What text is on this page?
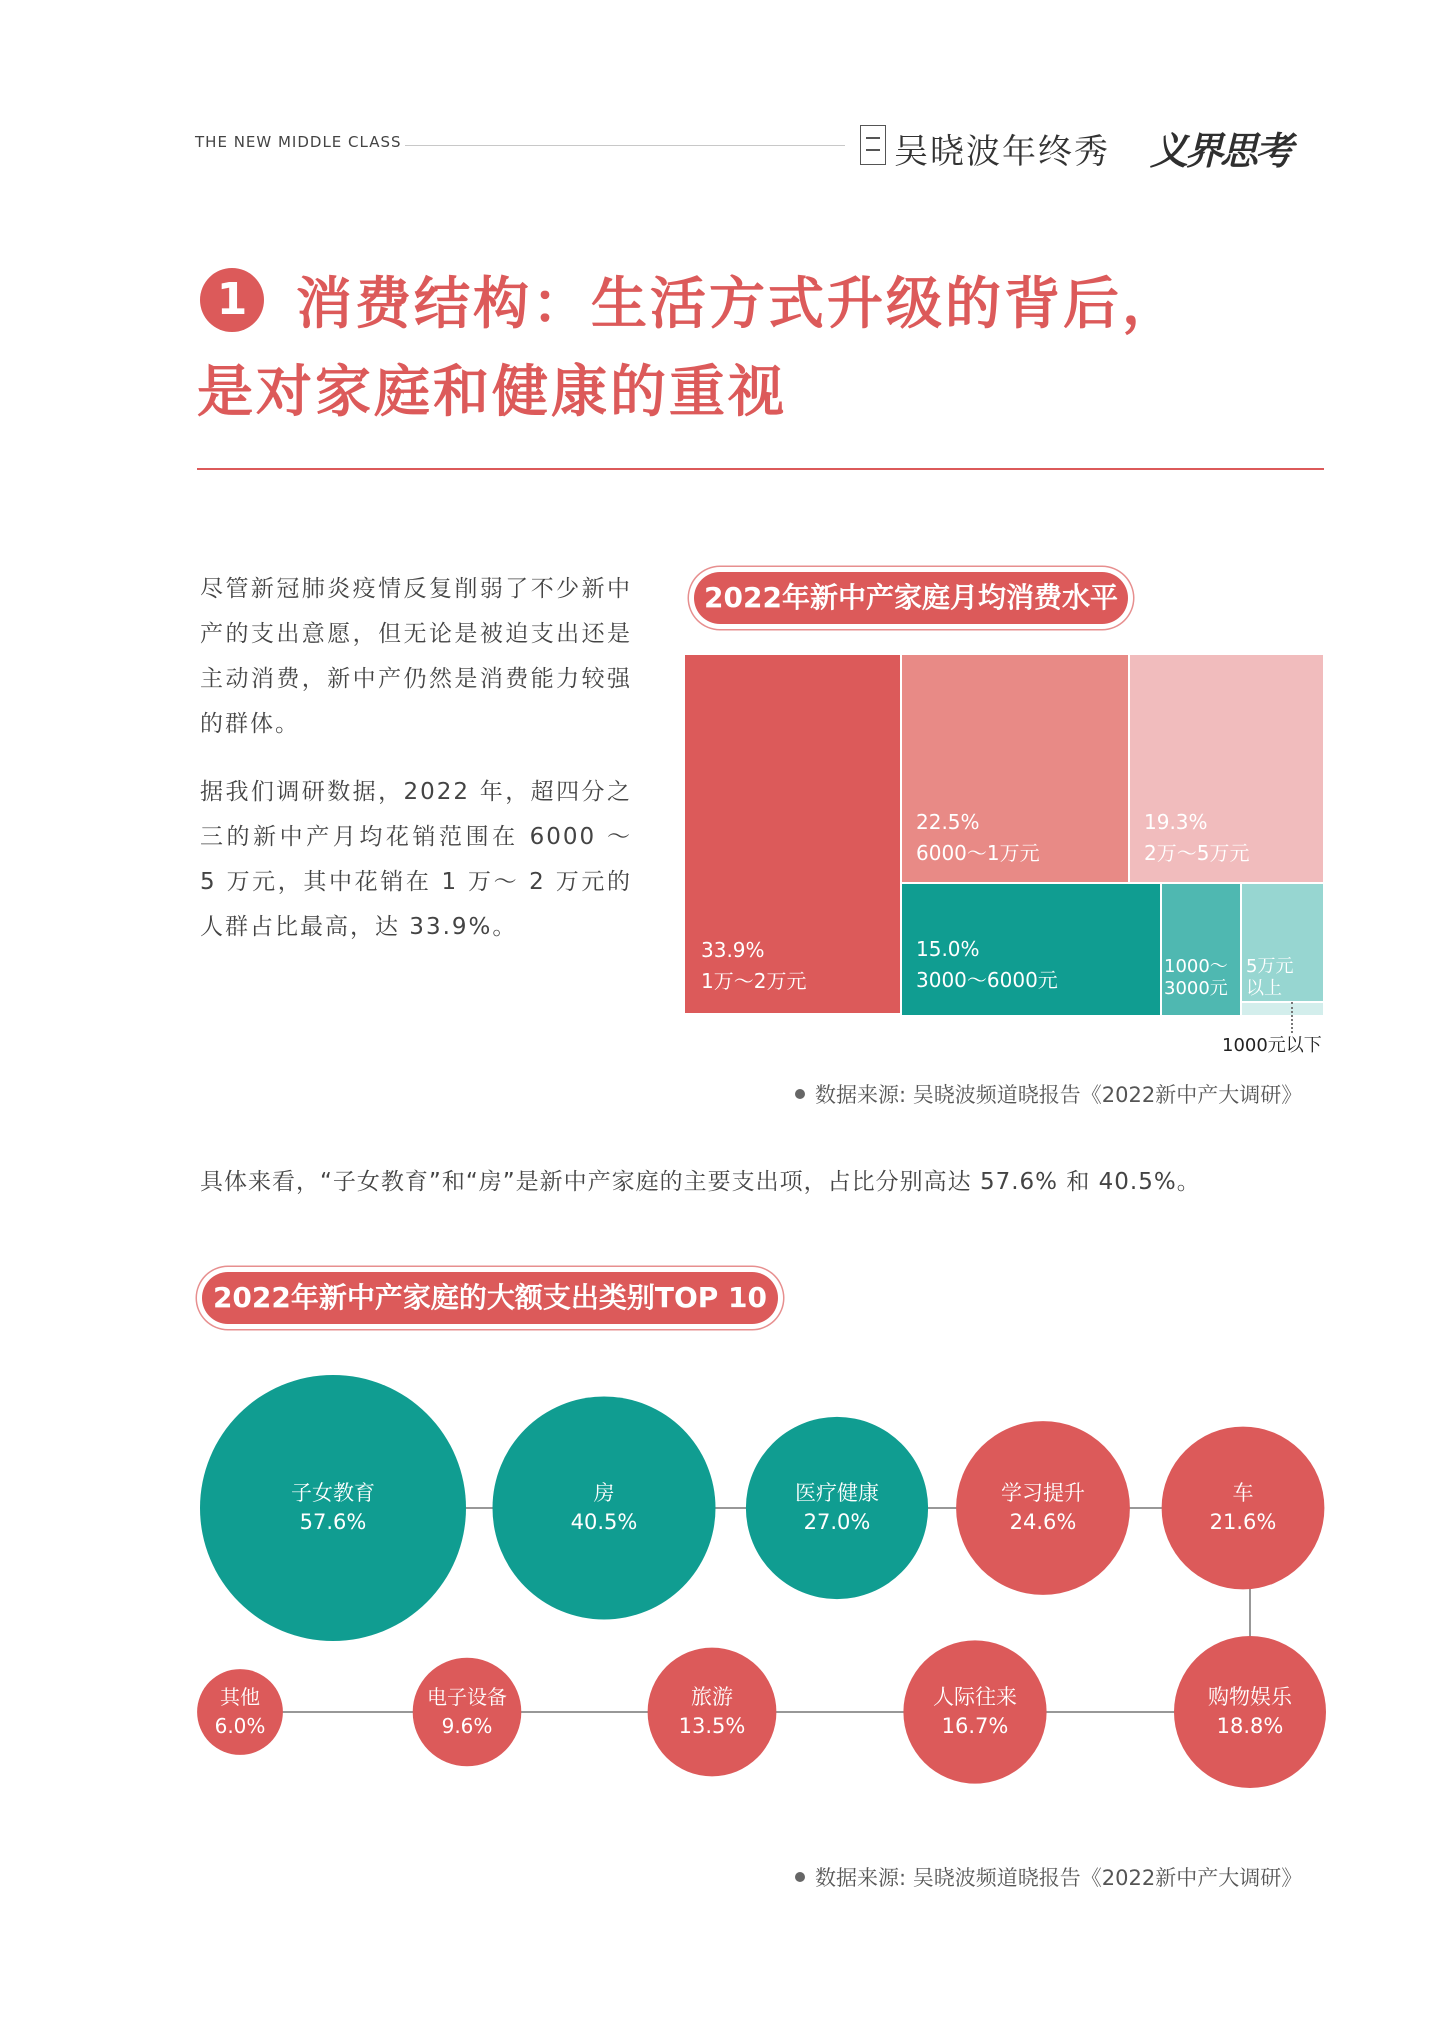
THE NEW MIDDLE CLASS	吴晓波年终秀 义界思考
1 消费结构：生活方式升级的背后，
是对家庭和健康的重视
尽管新冠肺炎疫情反复削弱了不少新中产的支出意愿，但无论是被迫支出还是主动消费，新中产仍然是消费能力较强的群体。
据我们调研数据，2022 年，超四分之三的新中产月均花销范围在 6000 ～ 5 万元，其中花销在 1 万～ 2 万元的人群占比最高，达 33.9%。
2022年新中产家庭月均消费水平
33.9%
1万～2万元
22.5%
6000～1万元
19.3%
2万～5万元
15.0%
3000～6000元
1000～
3000元
5万元
以上
1000元以下
数据来源: 吴晓波频道晓报告《2022新中产大调研》
具体来看，“子女教育”和“房”是新中产家庭的主要支出项，占比分别高达 57.6% 和 40.5%。
2022年新中产家庭的大额支出类别TOP 10
子女教育
57.6%
房
40.5%
医疗健康
27.0%
学习提升
24.6%
车
21.6%
购物娱乐
18.8%
人际往来
16.7%
旅游
13.5%
电子设备
9.6%
其他
6.0%
数据来源: 吴晓波频道晓报告《2022新中产大调研》
